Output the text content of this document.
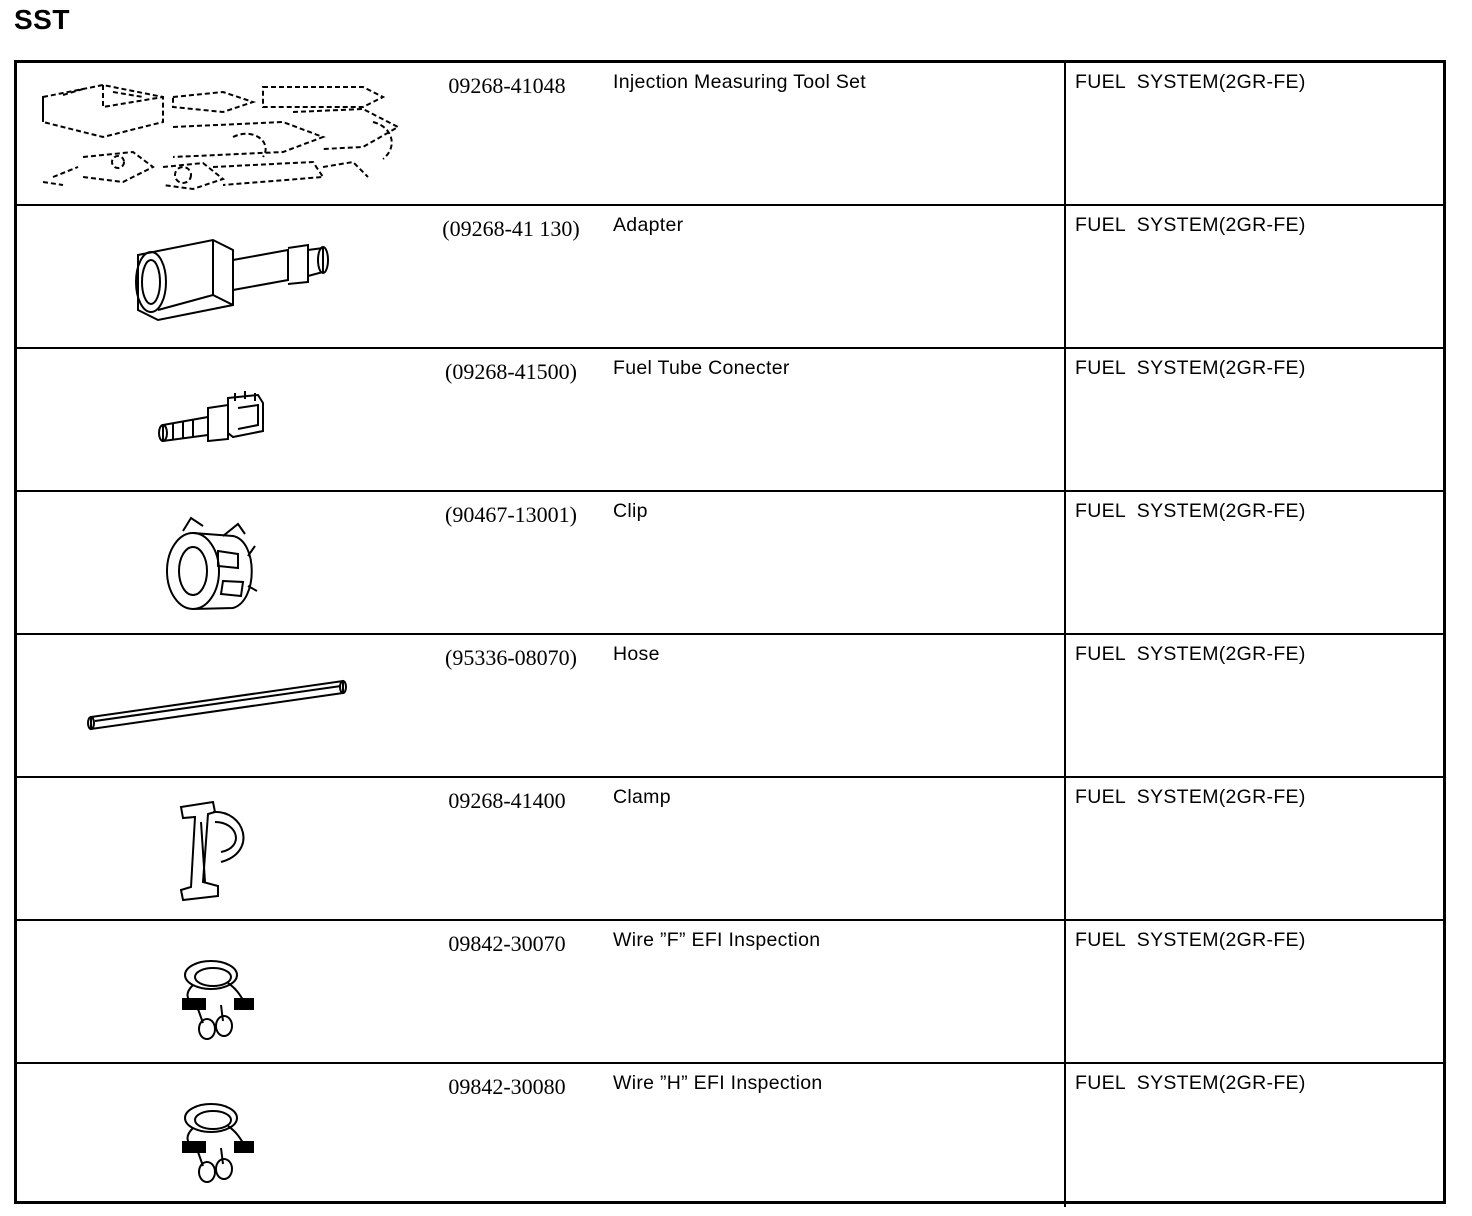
SST
09268-41048	Injection Measuring Tool Set	FUEL  SYSTEM(2GR-FE)
(09268-41 130)	Adapter	FUEL  SYSTEM(2GR-FE)
(09268-41500)	Fuel Tube Conecter	FUEL  SYSTEM(2GR-FE)
(90467-13001)	Clip	FUEL  SYSTEM(2GR-FE)
(95336-08070)	Hose	FUEL  SYSTEM(2GR-FE)
09268-41400	Clamp	FUEL  SYSTEM(2GR-FE)
09842-30070	Wire ”F” EFI Inspection	FUEL  SYSTEM(2GR-FE)
09842-30080	Wire ”H” EFI Inspection	FUEL  SYSTEM(2GR-FE)
